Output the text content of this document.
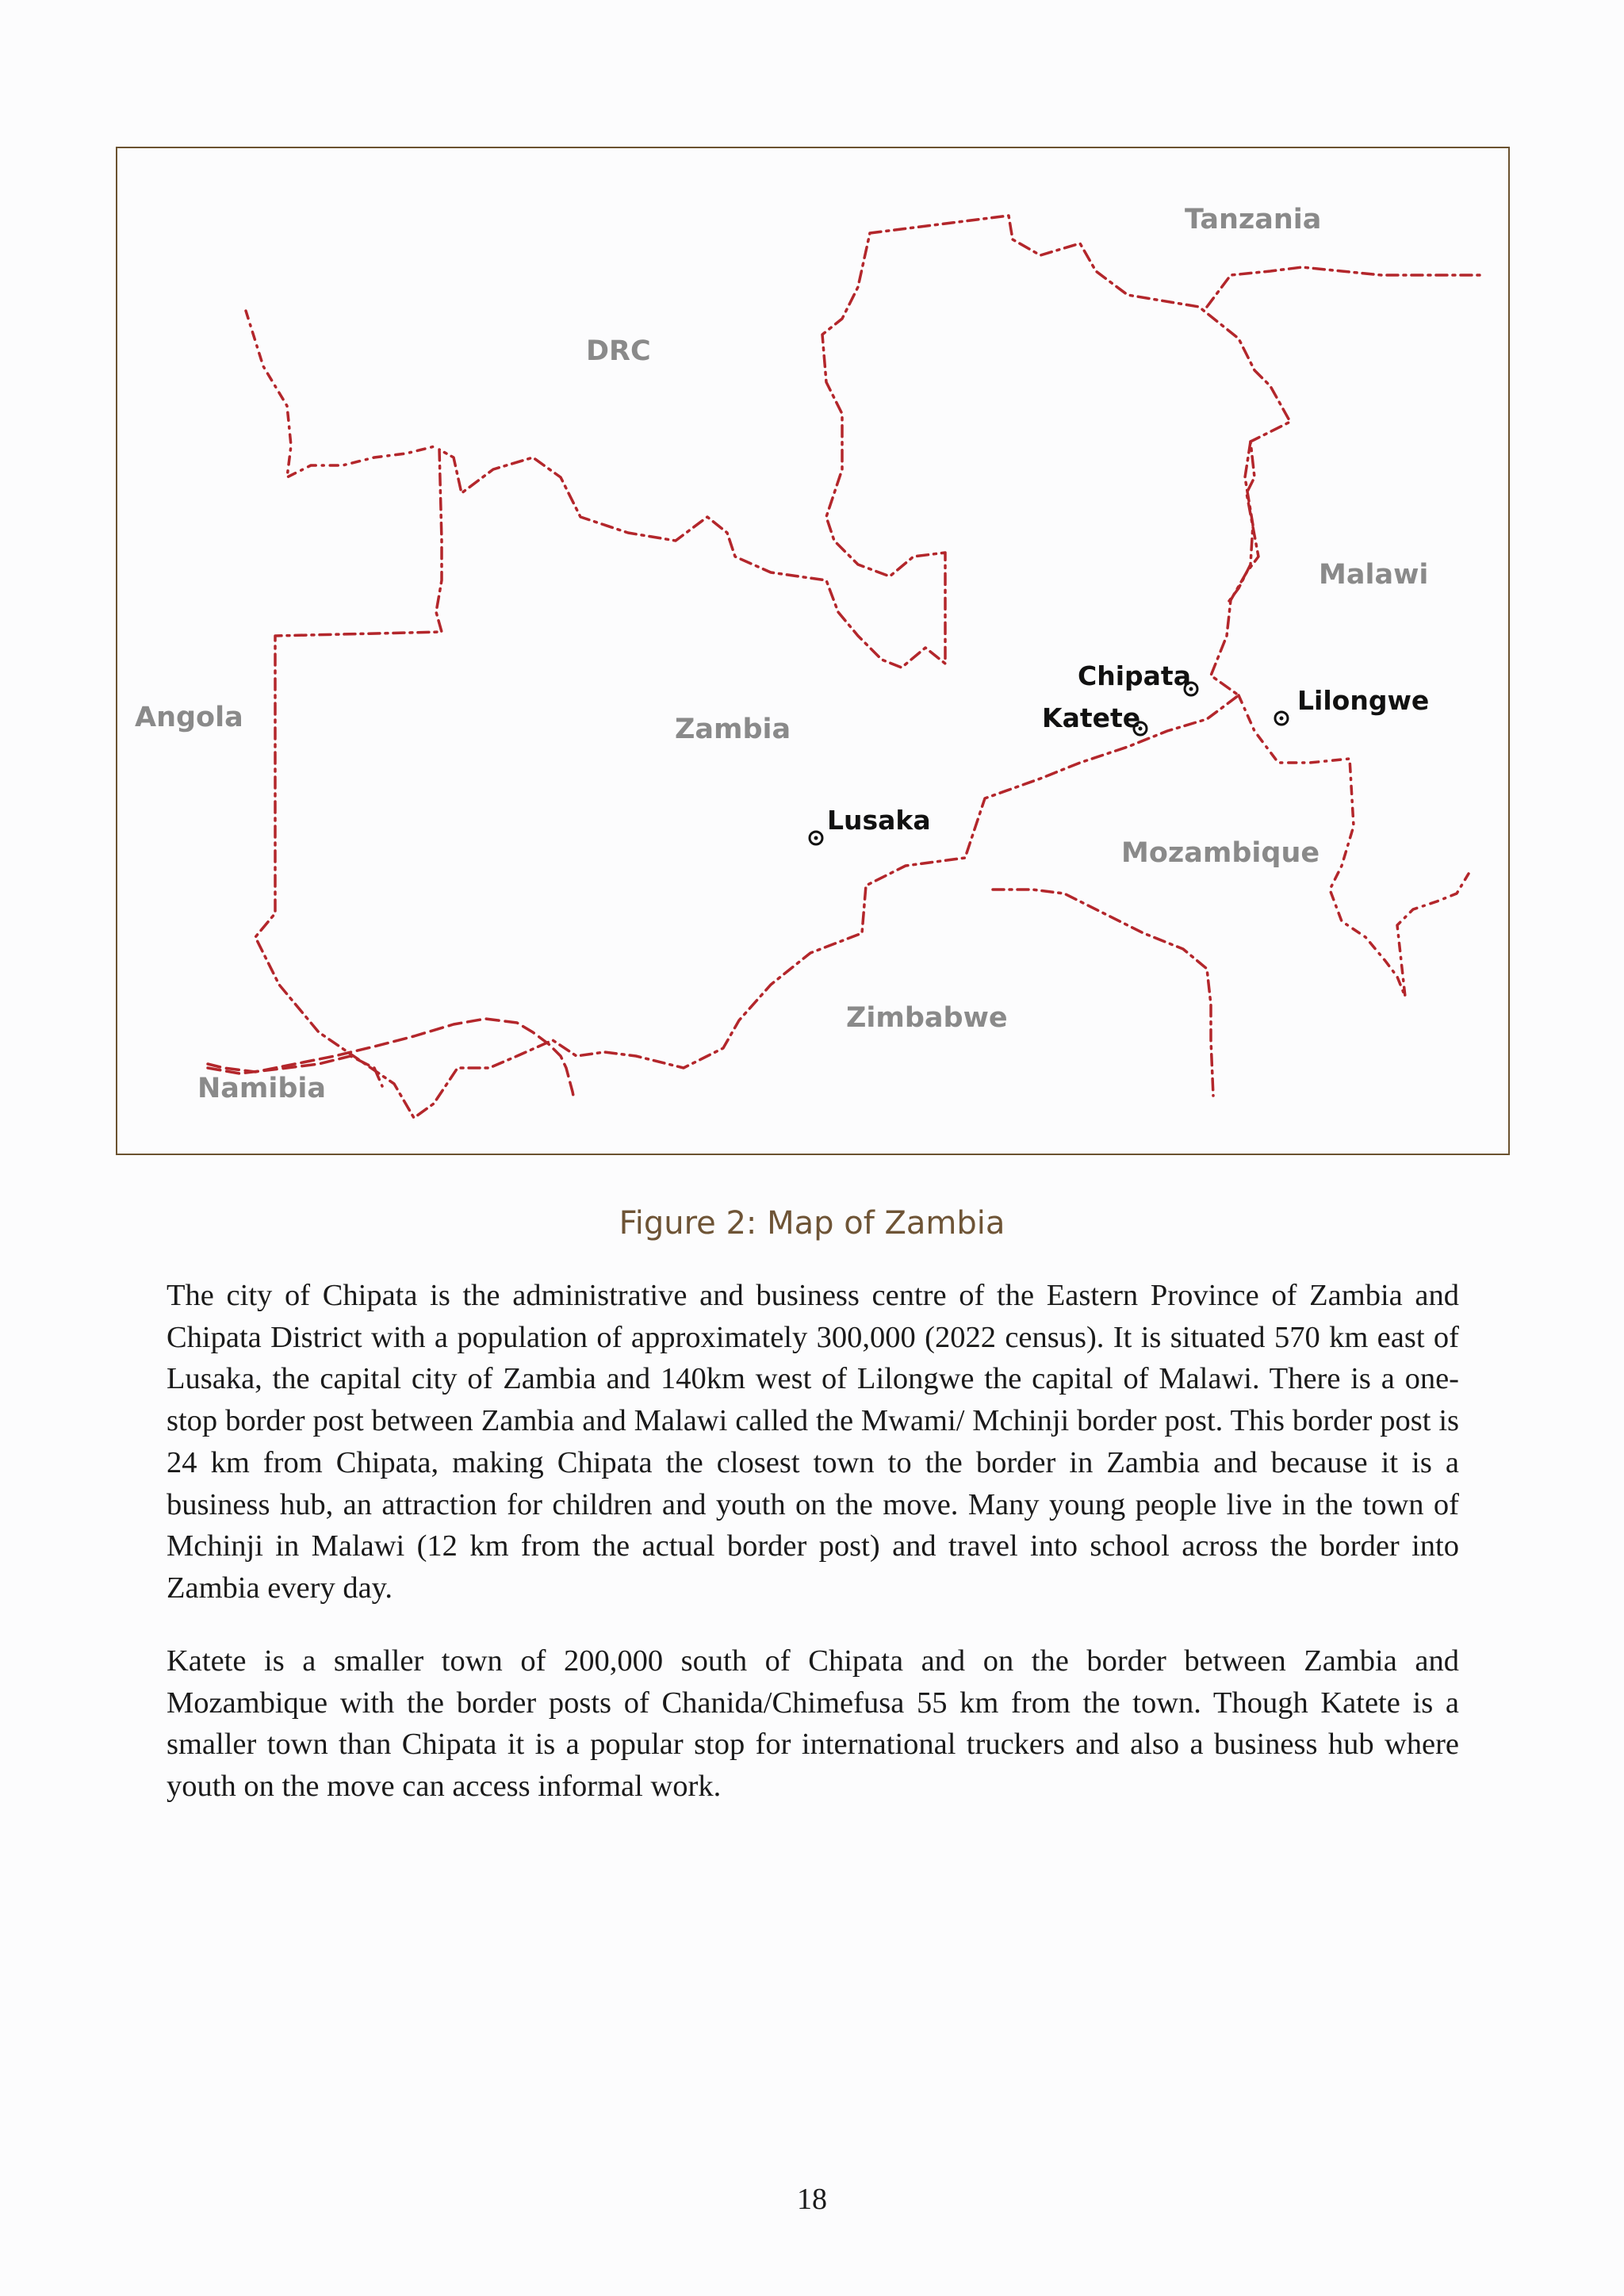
Tanzania
DRC
Malawi
Angola	Zambia
Mozambique
Zimbabwe
Namibia
Chipata
Katete
Lilongwe
Lusaka
Figure 2: Map of Zambia

The city of Chipata is the administrative and business centre of the Eastern Province of Zambia and Chipata District with a population of approximately 300,000 (2022 census). It is situated 570 km east of Lusaka, the capital city of Zambia and 140km west of Lilongwe the capital of Malawi. There is a one-stop border post between Zambia and Malawi called the Mwami/ Mchinji border post. This border post is 24 km from Chipata, making Chipata the closest town to the border in Zambia and because it is a business hub, an attraction for children and youth on the move. Many young people live in the town of Mchinji in Malawi (12 km from the actual border post) and travel into school across the border into Zambia every day.

Katete is a smaller town of 200,000 south of Chipata and on the border between Zambia and Mozambique with the border posts of Chanida/Chimefusa 55 km from the town. Though Katete is a smaller town than Chipata it is a popular stop for international truckers and also a business hub where youth on the move can access informal work.

18
